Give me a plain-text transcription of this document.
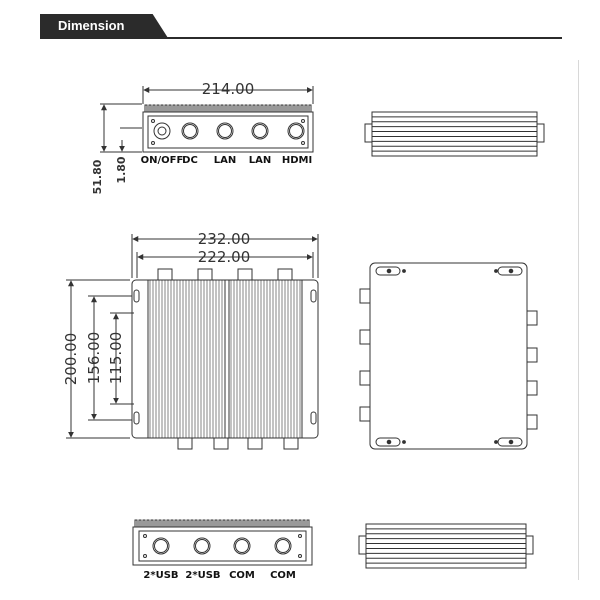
Dimension
214.00
51.80 1.80 ON/OFF
DC LAN LAN HDMI
232.00
222.00
200.00 156.00 115.00
2*USB 2*USB COM COM
